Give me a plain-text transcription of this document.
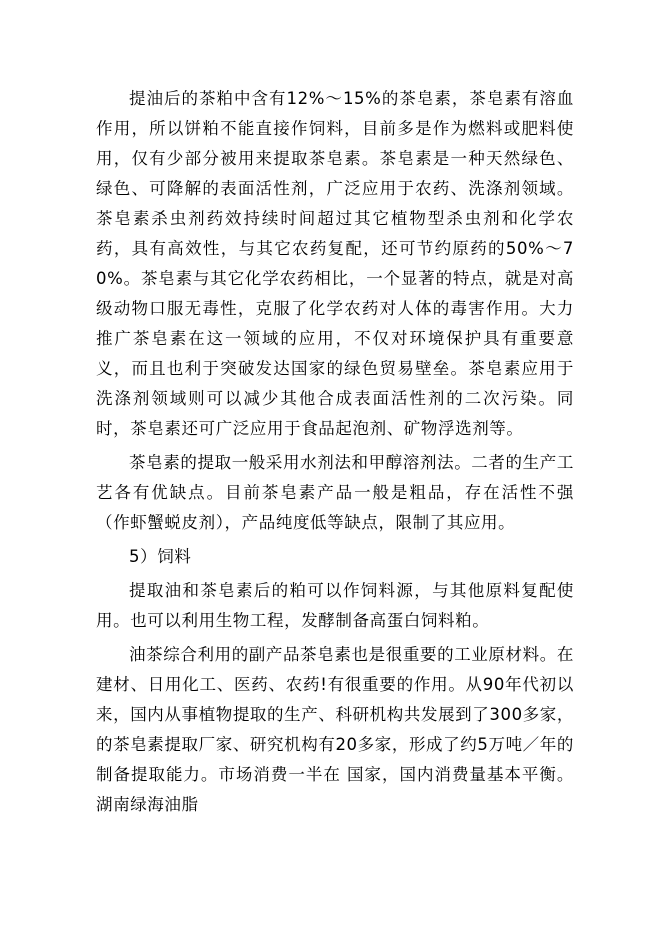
提油后的茶粕中含有12%～15%的茶皂素，茶皂素有溶血作用，所以饼粕不能直接作饲料，目前多是作为燃料或肥料使用，仅有少部分被用来提取茶皂素。茶皂素是一种天然绿色、 绿色、可降解的表面活性剂，广泛应用于农药、洗涤剂领域。茶皂素杀虫剂药效持续时间超过其它植物型杀虫剂和化学农药，具有高效性，与其它农药复配，还可节约原药的50%～70%。茶皂素与其它化学农药相比，一个显著的特点，就是对高级动物口服无毒性，克服了化学农药对人体的毒害作用。大力推广茶皂素在这一领域的应用，不仅对环境保护具有重要意义，而且也利于突破发达国家的绿色贸易壁垒。茶皂素应用于洗涤剂领域则可以减少其他合成表面活性剂的二次污染。同时，茶皂素还可广泛应用于食品起泡剂、矿物浮选剂等。

茶皂素的提取一般采用水剂法和甲醇溶剂法。二者的生产工艺各有优缺点。目前茶皂素产品一般是粗品，存在活性不强（作虾蟹蜕皮剂），产品纯度低等缺点，限制了其应用。

5）饲料

提取油和茶皂素后的粕可以作饲料源，与其他原料复配使用。也可以利用生物工程，发酵制备高蛋白饲料粕。

油茶综合利用的副产品茶皂素也是很重要的工业原材料。在建材、日用化工、医药、农药!有很重要的作用。从90年代初以来，国内从事植物提取的生产、科研机构共发展到了300多家，的茶皂素提取厂家、研究机构有20多家，形成了约5万吨／年的制备提取能力。市场消费一半在 国家，国内消费量基本平衡。湖南绿海油脂
